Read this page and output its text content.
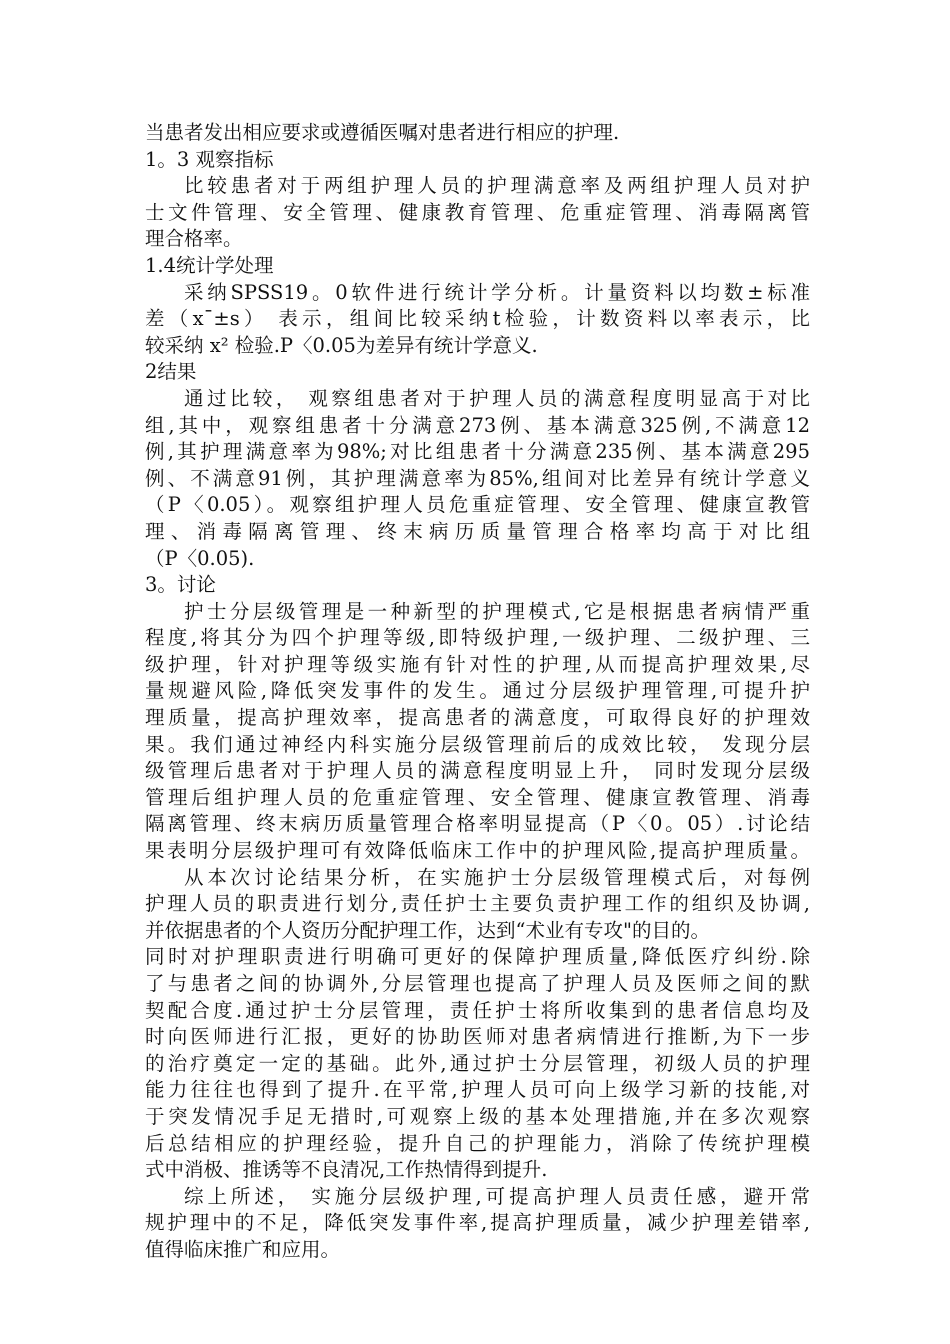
当患者发出相应要求或遵循医嘱对患者进行相应的护理.
1。3 观察指标
比较患者对于两组护理人员的护理满意率及两组护理人员对护
士文件管理、安全管理、健康教育管理、危重症管理、消毒隔离管
理合格率。
1.4统计学处理
采纳SPSS19。0软件进行统计学分析。计量资料以均数±标准
差（x¯±s） 表示，组间比较采纳t检验，计数资料以率表示，比
较采纳 x² 检验.P〈0.05为差异有统计学意义.
2结果
通过比较， 观察组患者对于护理人员的满意程度明显高于对比
组,其中，观察组患者十分满意273例、基本满意325例,不满意12
例,其护理满意率为98%;对比组患者十分满意235例、基本满意295
例、不满意91例，其护理满意率为85%,组间对比差异有统计学意义
（P〈0.05）。观察组护理人员危重症管理、安全管理、健康宣教管
理、消毒隔离管理、终末病历质量管理合格率均高于对比组
（P〈0.05).
3。讨论
护士分层级管理是一种新型的护理模式,它是根据患者病情严重
程度,将其分为四个护理等级,即特级护理,一级护理、二级护理、三
级护理，针对护理等级实施有针对性的护理,从而提高护理效果,尽
量规避风险,降低突发事件的发生。通过分层级护理管理,可提升护
理质量，提高护理效率，提高患者的满意度，可取得良好的护理效
果。我们通过神经内科实施分层级管理前后的成效比较， 发现分层
级管理后患者对于护理人员的满意程度明显上升， 同时发现分层级
管理后组护理人员的危重症管理、安全管理、健康宣教管理、消毒
隔离管理、终末病历质量管理合格率明显提高（P〈0。05）.讨论结
果表明分层级护理可有效降低临床工作中的护理风险,提高护理质量。
从本次讨论结果分析，在实施护士分层级管理模式后，对每例
护理人员的职责进行划分,责任护士主要负责护理工作的组织及协调,
并依据患者的个人资历分配护理工作，达到“术业有专攻"的目的。
同时对护理职责进行明确可更好的保障护理质量,降低医疗纠纷.除
了与患者之间的协调外,分层管理也提高了护理人员及医师之间的默
契配合度.通过护士分层管理，责任护士将所收集到的患者信息均及
时向医师进行汇报，更好的协助医师对患者病情进行推断,为下一步
的治疗奠定一定的基础。此外,通过护士分层管理，初级人员的护理
能力往往也得到了提升.在平常,护理人员可向上级学习新的技能,对
于突发情况手足无措时,可观察上级的基本处理措施,并在多次观察
后总结相应的护理经验，提升自己的护理能力，消除了传统护理模
式中消极、推诱等不良清况,工作热情得到提升.
综上所述， 实施分层级护理,可提高护理人员责任感，避开常
规护理中的不足，降低突发事件率,提高护理质量，减少护理差错率,
值得临床推广和应用。
